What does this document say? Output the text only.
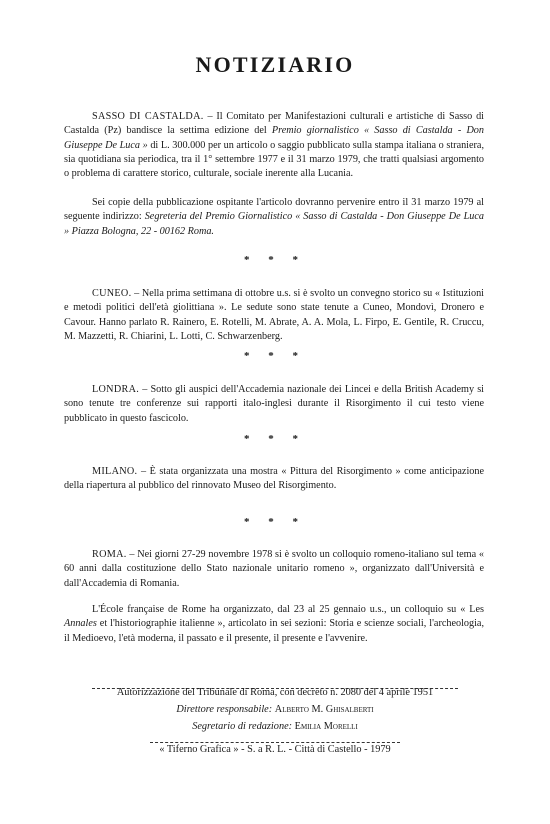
NOTIZIARIO

SASSO DI CASTALDA. – Il Comitato per Manifestazioni culturali e artistiche di Sasso di Castalda (Pz) bandisce la settima edizione del Premio giornalistico « Sasso di Castalda - Don Giuseppe De Luca » di L. 300.000 per un articolo o saggio pubblicato sulla stampa italiana o straniera, sia quotidiana sia periodica, tra il 1° settembre 1977 e il 31 marzo 1979, che tratti qualsiasi argomento o problema di carattere storico, culturale, sociale inerente alla Lucania.

Sei copie della pubblicazione ospitante l'articolo dovranno pervenire entro il 31 marzo 1979 al seguente indirizzo: Segreteria del Premio Giornalistico « Sasso di Castalda - Don Giuseppe De Luca » Piazza Bologna, 22 - 00162 Roma.

* * *

CUNEO. – Nella prima settimana di ottobre u.s. si è svolto un convegno storico su « Istituzioni e metodi politici dell'età giolittiana ». Le sedute sono state tenute a Cuneo, Mondovì, Dronero e Cavour. Hanno parlato R. Rainero, E. Rotelli, M. Abrate, A. A. Mola, L. Firpo, E. Gentile, R. Cruccu, M. Mazzetti, R. Chiarini, L. Lotti, C. Schwarzenberg.

* * *

LONDRA. – Sotto gli auspici dell'Accademia nazionale dei Lincei e della British Academy si sono tenute tre conferenze sui rapporti italo-inglesi durante il Risorgimento il cui testo viene pubblicato in questo fascicolo.

* * *

MILANO. – È stata organizzata una mostra « Pittura del Risorgimento » come anticipazione della riapertura al pubblico del rinnovato Museo del Risorgimento.

* * *

ROMA. – Nei giorni 27-29 novembre 1978 si è svolto un colloquio romeno-italiano sul tema « 60 anni dalla costituzione dello Stato nazionale unitario romeno », organizzato dall'Università e dall'Accademia di Romania.

L'École française de Rome ha organizzato, dal 23 al 25 gennaio u.s., un colloquio su « Les Annales et l'historiographie italienne », articolato in sei sezioni: Storia e scienze sociali, l'archeologia, il Medioevo, l'età moderna, il passato e il presente, il presente e l'avvenire.

Autorizzazione del Tribunale di Roma, con decreto n. 2080 del 4 aprile 1951
Direttore responsabile: Alberto M. Ghisalberti
Segretario di redazione: Emilia Morelli
« Tiferno Grafica » - S. a R. L. - Città di Castello - 1979
